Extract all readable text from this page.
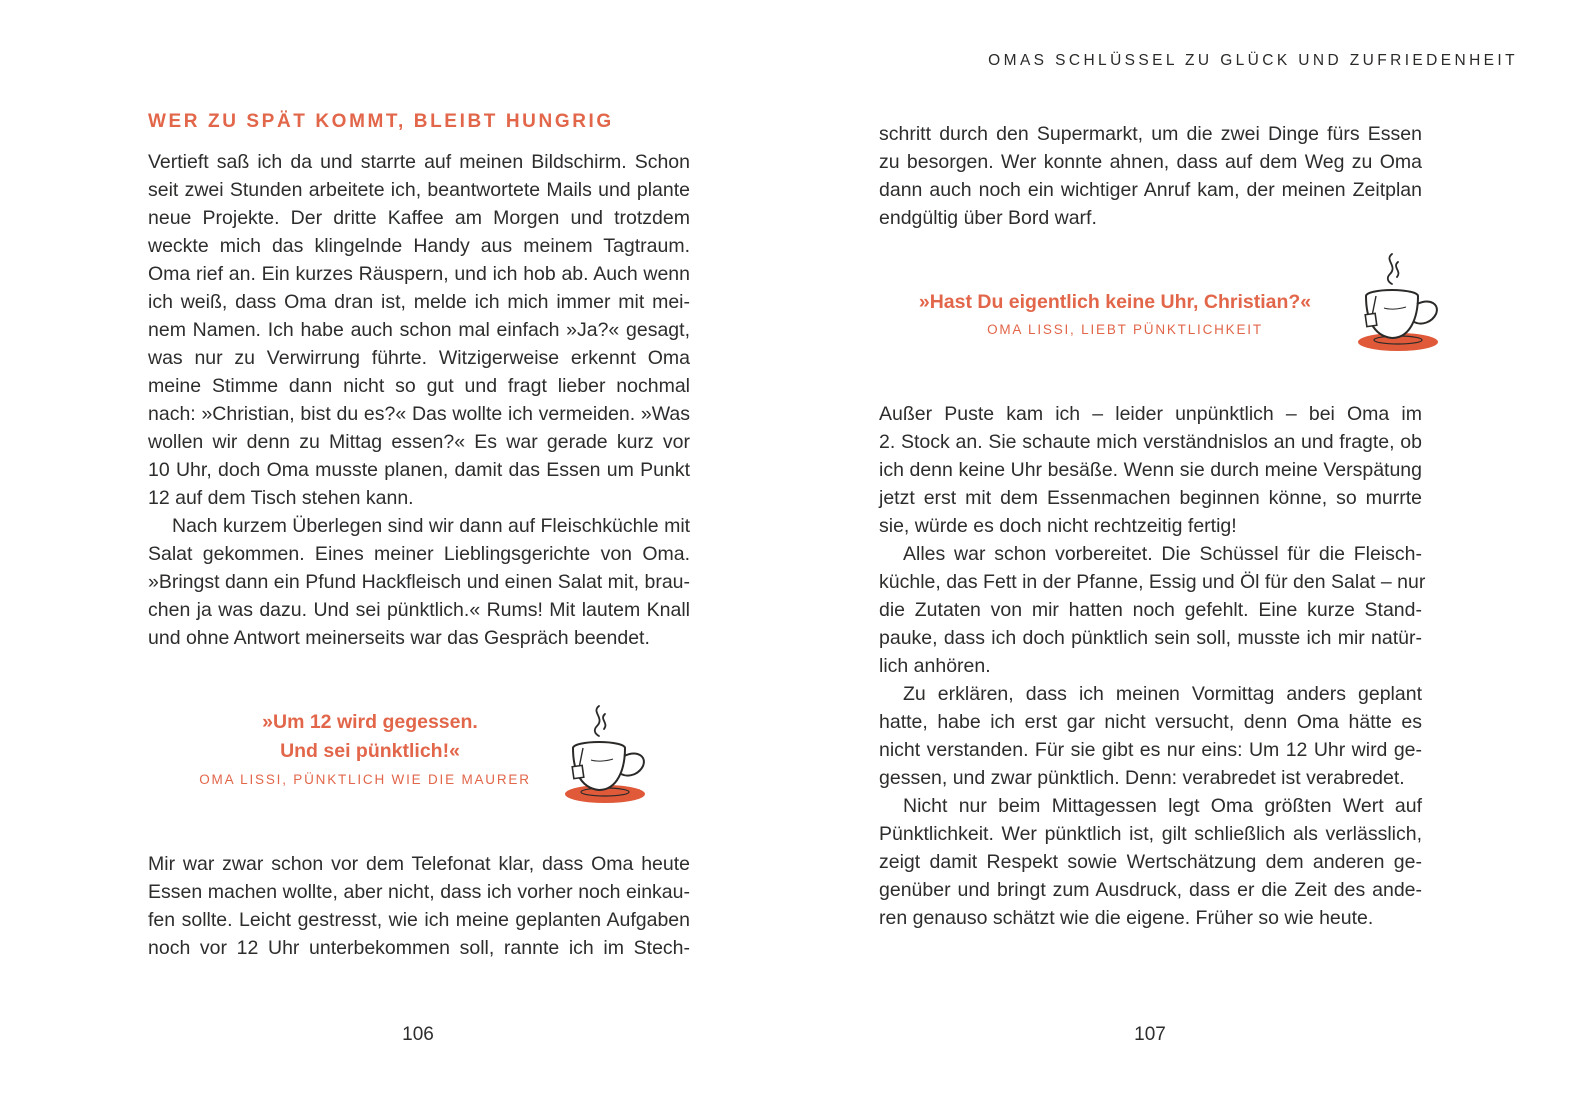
OMAS SCHLÜSSEL ZU GLÜCK UND ZUFRIEDENHEIT
WER ZU SPÄT KOMMT, BLEIBT HUNGRIG
Vertieft saß ich da und starrte auf meinen Bildschirm. Schon
seit zwei Stunden arbeitete ich, beantwortete Mails und plante
neue Projekte. Der dritte Kaffee am Morgen und trotzdem
weckte mich das klingelnde Handy aus meinem Tagtraum.
Oma rief an. Ein kurzes Räuspern, und ich hob ab. Auch wenn
ich weiß, dass Oma dran ist, melde ich mich immer mit mei-
nem Namen. Ich habe auch schon mal einfach »Ja?« gesagt,
was nur zu Verwirrung führte. Witzigerweise erkennt Oma
meine Stimme dann nicht so gut und fragt lieber nochmal
nach: »Christian, bist du es?« Das wollte ich vermeiden. »Was
wollen wir denn zu Mittag essen?« Es war gerade kurz vor
10 Uhr, doch Oma musste planen, damit das Essen um Punkt
12 auf dem Tisch stehen kann.
Nach kurzem Überlegen sind wir dann auf Fleischküchle mit
Salat gekommen. Eines meiner Lieblingsgerichte von Oma.
»Bringst dann ein Pfund Hackfleisch und einen Salat mit, brau-
chen ja was dazu. Und sei pünktlich.« Rums! Mit lautem Knall
und ohne Antwort meinerseits war das Gespräch beendet.
»Um 12 wird gegessen.
Und sei pünktlich!«
OMA LISSI, PÜNKTLICH WIE DIE MAURER
Mir war zwar schon vor dem Telefonat klar, dass Oma heute
Essen machen wollte, aber nicht, dass ich vorher noch einkau-
fen sollte. Leicht gestresst, wie ich meine geplanten Aufgaben
noch vor 12 Uhr unterbekommen soll, rannte ich im Stech-
106
schritt durch den Supermarkt, um die zwei Dinge fürs Essen
zu besorgen. Wer konnte ahnen, dass auf dem Weg zu Oma
dann auch noch ein wichtiger Anruf kam, der meinen Zeitplan
endgültig über Bord warf.
»Hast Du eigentlich keine Uhr, Christian?«
OMA LISSI, LIEBT PÜNKTLICHKEIT
Außer Puste kam ich – leider unpünktlich – bei Oma im
2. Stock an. Sie schaute mich verständnislos an und fragte, ob
ich denn keine Uhr besäße. Wenn sie durch meine Verspätung
jetzt erst mit dem Essenmachen beginnen könne, so murrte
sie, würde es doch nicht rechtzeitig fertig!
Alles war schon vorbereitet. Die Schüssel für die Fleisch-
küchle, das Fett in der Pfanne, Essig und Öl für den Salat – nur
die Zutaten von mir hatten noch gefehlt. Eine kurze Stand-
pauke, dass ich doch pünktlich sein soll, musste ich mir natür-
lich anhören.
Zu erklären, dass ich meinen Vormittag anders geplant
hatte, habe ich erst gar nicht versucht, denn Oma hätte es
nicht verstanden. Für sie gibt es nur eins: Um 12 Uhr wird ge-
gessen, und zwar pünktlich. Denn: verabredet ist verabredet.
Nicht nur beim Mittagessen legt Oma größten Wert auf
Pünktlichkeit. Wer pünktlich ist, gilt schließlich als verlässlich,
zeigt damit Respekt sowie Wertschätzung dem anderen ge-
genüber und bringt zum Ausdruck, dass er die Zeit des ande-
ren genauso schätzt wie die eigene. Früher so wie heute.
107
